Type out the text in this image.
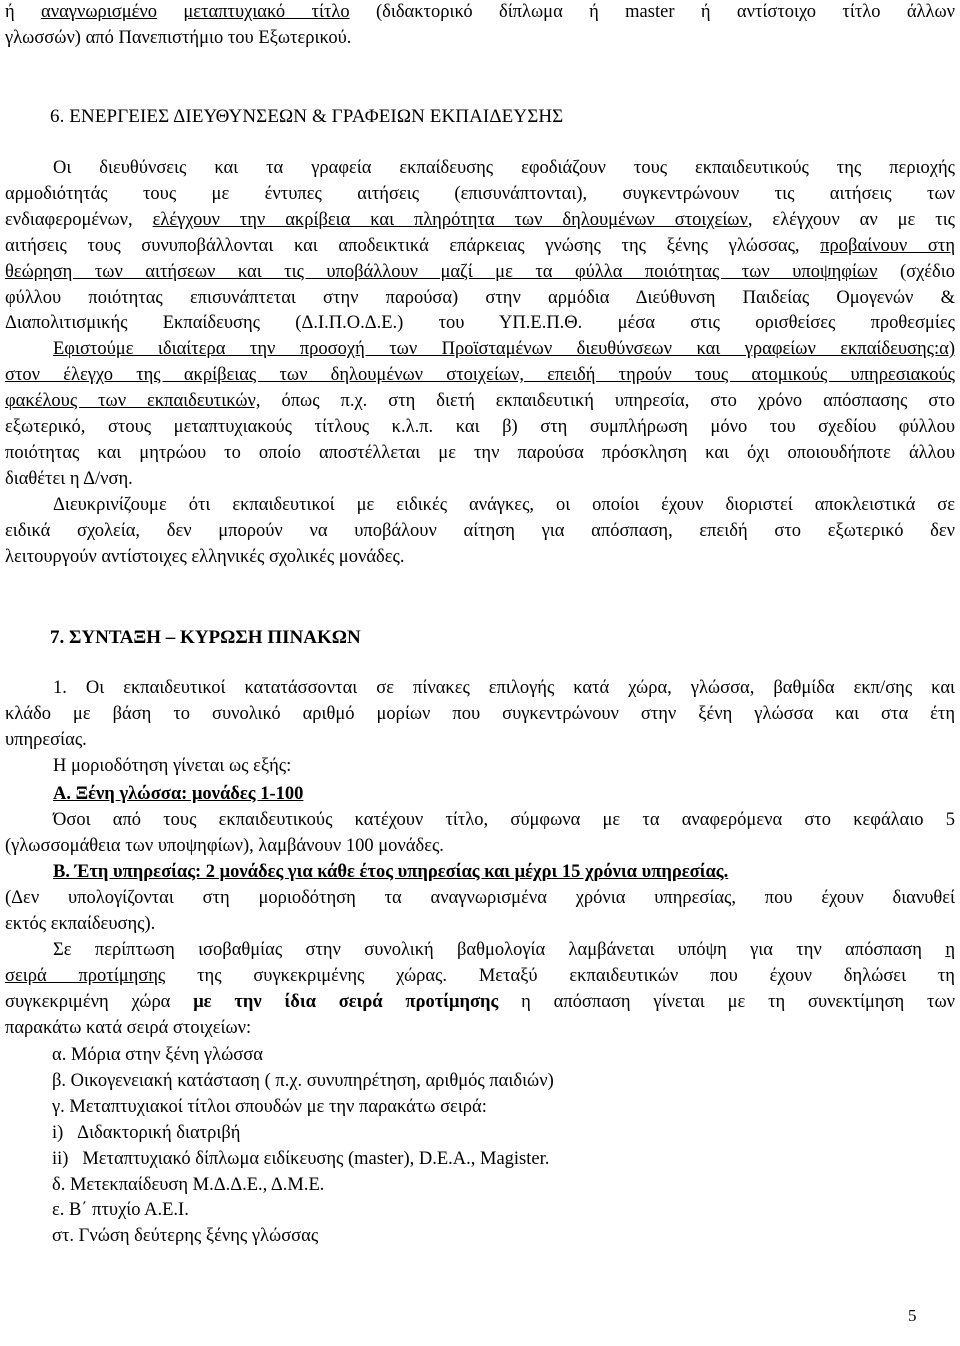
ή αναγνωρισμένο μεταπτυχιακό τίτλο (διδακτορικό δίπλωμα ή master ή αντίστοιχο τίτλο άλλων

γλωσσών) από Πανεπιστήμιο του Εξωτερικού.

6. ΕΝΕΡΓΕΙΕΣ ΔΙΕΥΘΥΝΣΕΩΝ & ΓΡΑΦΕΙΩΝ ΕΚΠΑΙΔΕΥΣΗΣ

Οι διευθύνσεις και τα γραφεία εκπαίδευσης εφοδιάζουν τους εκπαιδευτικούς της περιοχής

αρμοδιότητάς τους με έντυπες αιτήσεις (επισυνάπτονται), συγκεντρώνουν τις αιτήσεις των

ενδιαφερομένων, ελέγχουν την ακρίβεια και πληρότητα των δηλουμένων στοιχείων, ελέγχουν αν με τις

αιτήσεις τους συνυποβάλλονται και αποδεικτικά επάρκειας γνώσης της ξένης γλώσσας, προβαίνουν στη

θεώρηση των αιτήσεων και τις υποβάλλουν μαζί με τα φύλλα ποιότητας των υποψηφίων (σχέδιο

φύλλου ποιότητας επισυνάπτεται στην παρούσα) στην αρμόδια Διεύθυνση Παιδείας Ομογενών &

Διαπολιτισμικής Εκπαίδευσης (Δ.Ι.Π.Ο.Δ.Ε.) του ΥΠ.Ε.Π.Θ. μέσα στις ορισθείσες προθεσμίες

Εφιστούμε ιδιαίτερα την προσοχή των Προϊσταμένων διευθύνσεων και γραφείων εκπαίδευσης:α)

στον έλεγχο της ακρίβειας των δηλουμένων στοιχείων, επειδή τηρούν τους ατομικούς υπηρεσιακούς

φακέλους των εκπαιδευτικών, όπως π.χ. στη διετή εκπαιδευτική υπηρεσία, στο χρόνο απόσπασης στο

εξωτερικό, στους μεταπτυχιακούς τίτλους κ.λ.π. και β) στη συμπλήρωση μόνο του σχεδίου φύλλου

ποιότητας και μητρώου το οποίο αποστέλλεται με την παρούσα πρόσκληση και όχι οποιουδήποτε άλλου

διαθέτει η Δ/νση.

Διευκρινίζουμε ότι εκπαιδευτικοί με ειδικές ανάγκες, οι οποίοι έχουν διοριστεί αποκλειστικά σε

ειδικά σχολεία, δεν μπορούν να υποβάλουν αίτηση για απόσπαση, επειδή στο εξωτερικό δεν

λειτουργούν αντίστοιχες ελληνικές σχολικές μονάδες.

7. ΣΥΝΤΑΞΗ – ΚΥΡΩΣΗ ΠΙΝΑΚΩΝ

1. Οι εκπαιδευτικοί κατατάσσονται σε πίνακες επιλογής κατά χώρα, γλώσσα, βαθμίδα εκπ/σης και

κλάδο με βάση το συνολικό αριθμό μορίων που συγκεντρώνουν στην ξένη γλώσσα και στα έτη

υπηρεσίας.

Η μοριοδότηση γίνεται ως εξής:

Α. Ξένη γλώσσα: μονάδες 1-100

Όσοι από τους εκπαιδευτικούς κατέχουν τίτλο, σύμφωνα με τα αναφερόμενα στο κεφάλαιο 5

(γλωσσομάθεια των υποψηφίων), λαμβάνουν 100 μονάδες.

Β. Έτη υπηρεσίας: 2 μονάδες για κάθε έτος υπηρεσίας και μέχρι 15 χρόνια υπηρεσίας.

(Δεν υπολογίζονται στη μοριοδότηση τα αναγνωρισμένα χρόνια υπηρεσίας, που έχουν διανυθεί

εκτός εκπαίδευσης).

Σε περίπτωση ισοβαθμίας στην συνολική βαθμολογία λαμβάνεται υπόψη για την απόσπαση η

σειρά προτίμησης της συγκεκριμένης χώρας. Μεταξύ εκπαιδευτικών που έχουν δηλώσει τη

συγκεκριμένη χώρα με την ίδια σειρά προτίμησης η απόσπαση γίνεται με τη συνεκτίμηση των

παρακάτω κατά σειρά στοιχείων:

α. Μόρια στην ξένη γλώσσα

β. Οικογενειακή κατάσταση ( π.χ. συνυπηρέτηση, αριθμός παιδιών)

γ. Μεταπτυχιακοί τίτλοι σπουδών με την παρακάτω σειρά:

i)   Διδακτορική διατριβή

ii)   Μεταπτυχιακό δίπλωμα ειδίκευσης (master), D.E.A., Magister.

δ. Μετεκπαίδευση Μ.Δ.Δ.Ε., Δ.Μ.Ε.

ε. Β΄ πτυχίο Α.Ε.Ι.

στ. Γνώση δεύτερης ξένης γλώσσας

5
